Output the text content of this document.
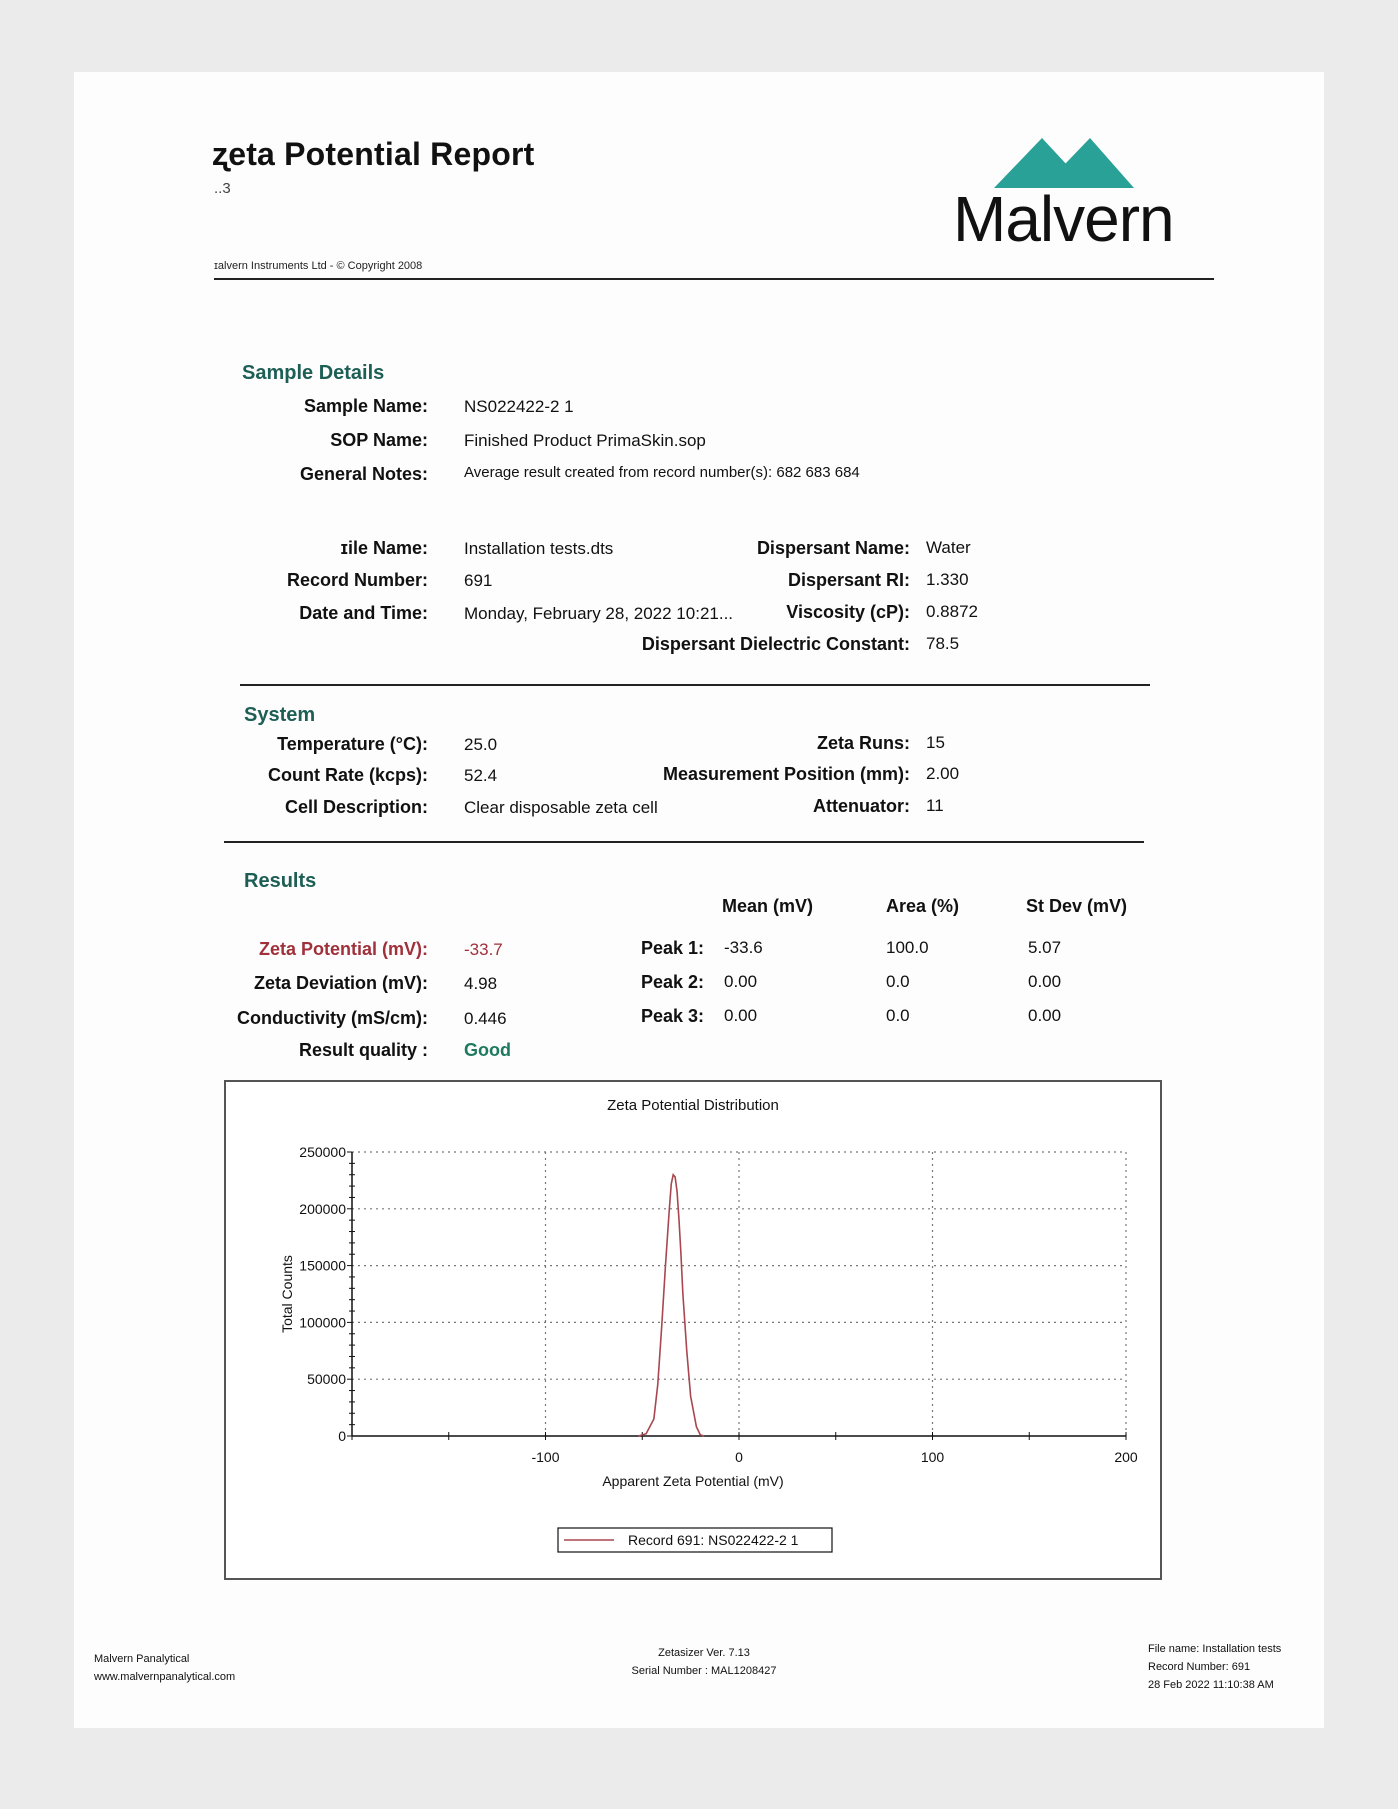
ʐeta Potential Report
..3
ɪalvern Instruments Ltd - © Copyright 2008
Malvern
Sample Details
Sample Name: NS022422-2 1
SOP Name: Finished Product PrimaSkin.sop
General Notes: Average result created from record number(s): 682 683 684
ɪile Name: Installation tests.dts
Record Number: 691
Date and Time: Monday, February 28, 2022 10:21...
Dispersant Name: Water
Dispersant RI: 1.330
Viscosity (cP): 0.8872
Dispersant Dielectric Constant: 78.5
System
Temperature (°C): 25.0
Count Rate (kcps): 52.4
Cell Description: Clear disposable zeta cell
Zeta Runs: 15
Measurement Position (mm): 2.00
Attenuator: 11
Results
Mean (mV)	Area (%)	St Dev (mV)
Zeta Potential (mV): -33.7
Zeta Deviation (mV): 4.98
Conductivity (mS/cm): 0.446
Result quality : Good
Peak 1: -33.6	100.0	5.07
Peak 2: 0.00	0.0	0.00
Peak 3: 0.00	0.0	0.00
Zeta Potential Distribution
250000
200000
150000
100000
50000
0
-100	0	100	200
Apparent Zeta Potential (mV)
Total Counts
Record 691: NS022422-2 1
Malvern Panalytical
www.malvernpanalytical.com
Zetasizer Ver. 7.13
Serial Number : MAL1208427
File name: Installation tests
Record Number: 691
28 Feb 2022 11:10:38 AM
